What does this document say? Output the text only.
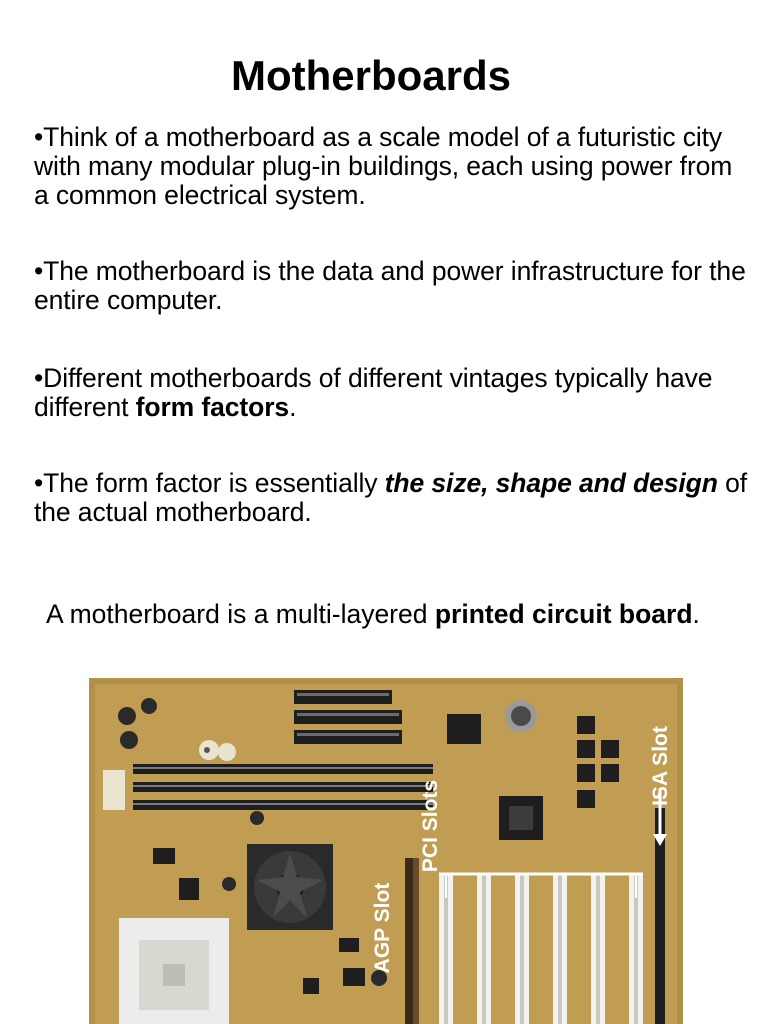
Motherboards
•Think of a motherboard as a scale model of a futuristic city with many modular plug-in buildings, each using power from a common electrical system.
•The motherboard is the data and power infrastructure for the entire computer.
•Different motherboards of different vintages typically have different form factors.
•The form factor is essentially the size, shape and design of the actual motherboard.
A motherboard is a multi-layered printed circuit board.
ISA Slot
PCI Slots
AGP Slot
